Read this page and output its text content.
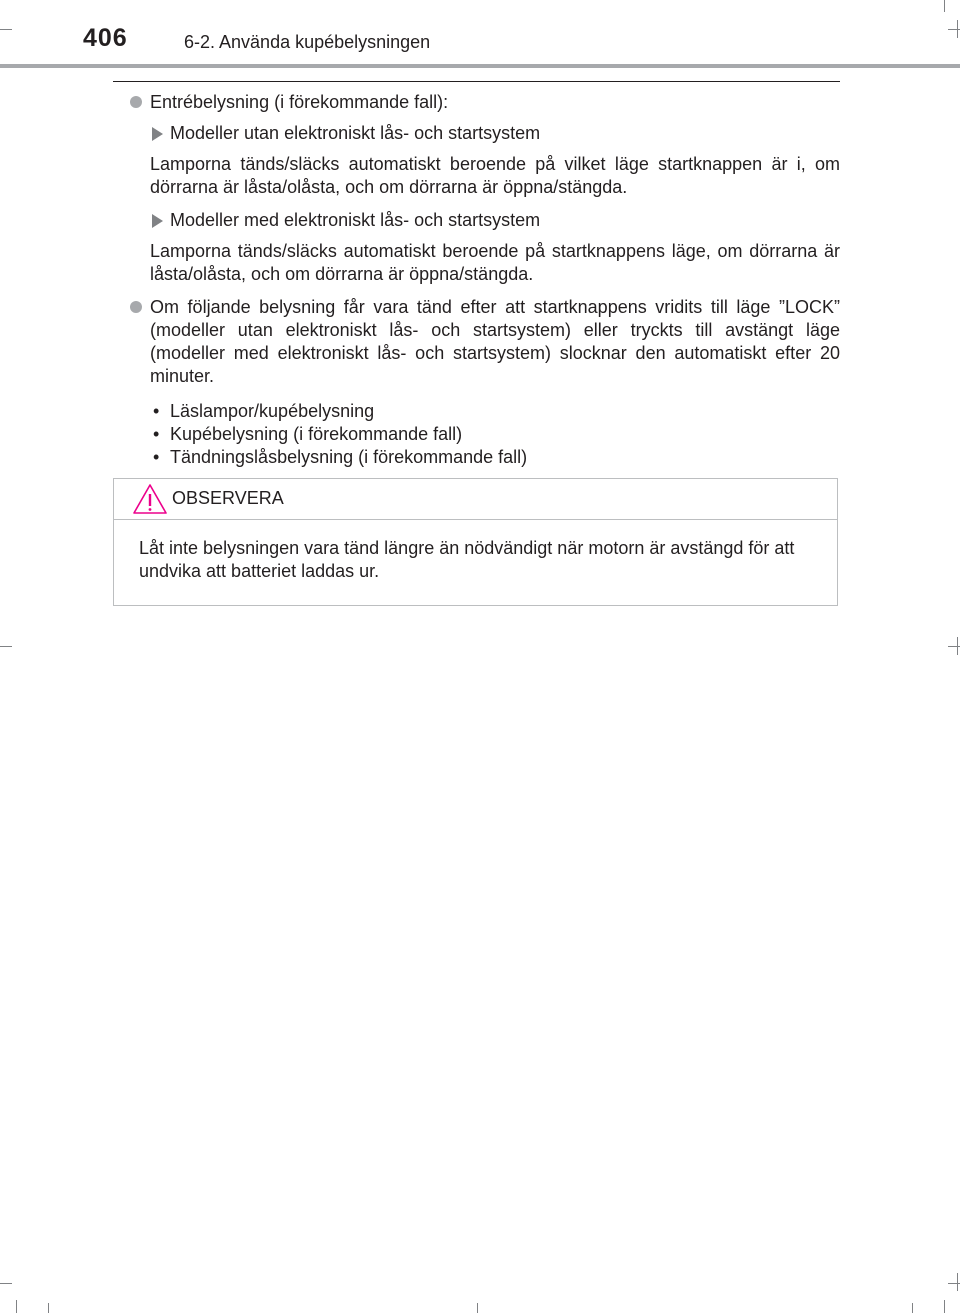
406	6-2. Använda kupébelysningen
Entrébelysning (i förekommande fall):
Modeller utan elektroniskt lås- och startsystem
Lamporna tänds/släcks automatiskt beroende på vilket läge startknappen är i, om dörrarna är låsta/olåsta, och om dörrarna är öppna/stängda.
Modeller med elektroniskt lås- och startsystem
Lamporna tänds/släcks automatiskt beroende på startknappens läge, om dörrarna är låsta/olåsta, och om dörrarna är öppna/stängda.
Om följande belysning får vara tänd efter att startknappens vridits till läge ”LOCK” (modeller utan elektroniskt lås- och startsystem) eller tryckts till avstängt läge (modeller med elektroniskt lås- och startsystem) slocknar den automatiskt efter 20 minuter.
• Läslampor/kupébelysning
• Kupébelysning (i förekommande fall)
• Tändningslåsbelysning (i förekommande fall)
OBSERVERA
Låt inte belysningen vara tänd längre än nödvändigt när motorn är avstängd för att undvika att batteriet laddas ur.
